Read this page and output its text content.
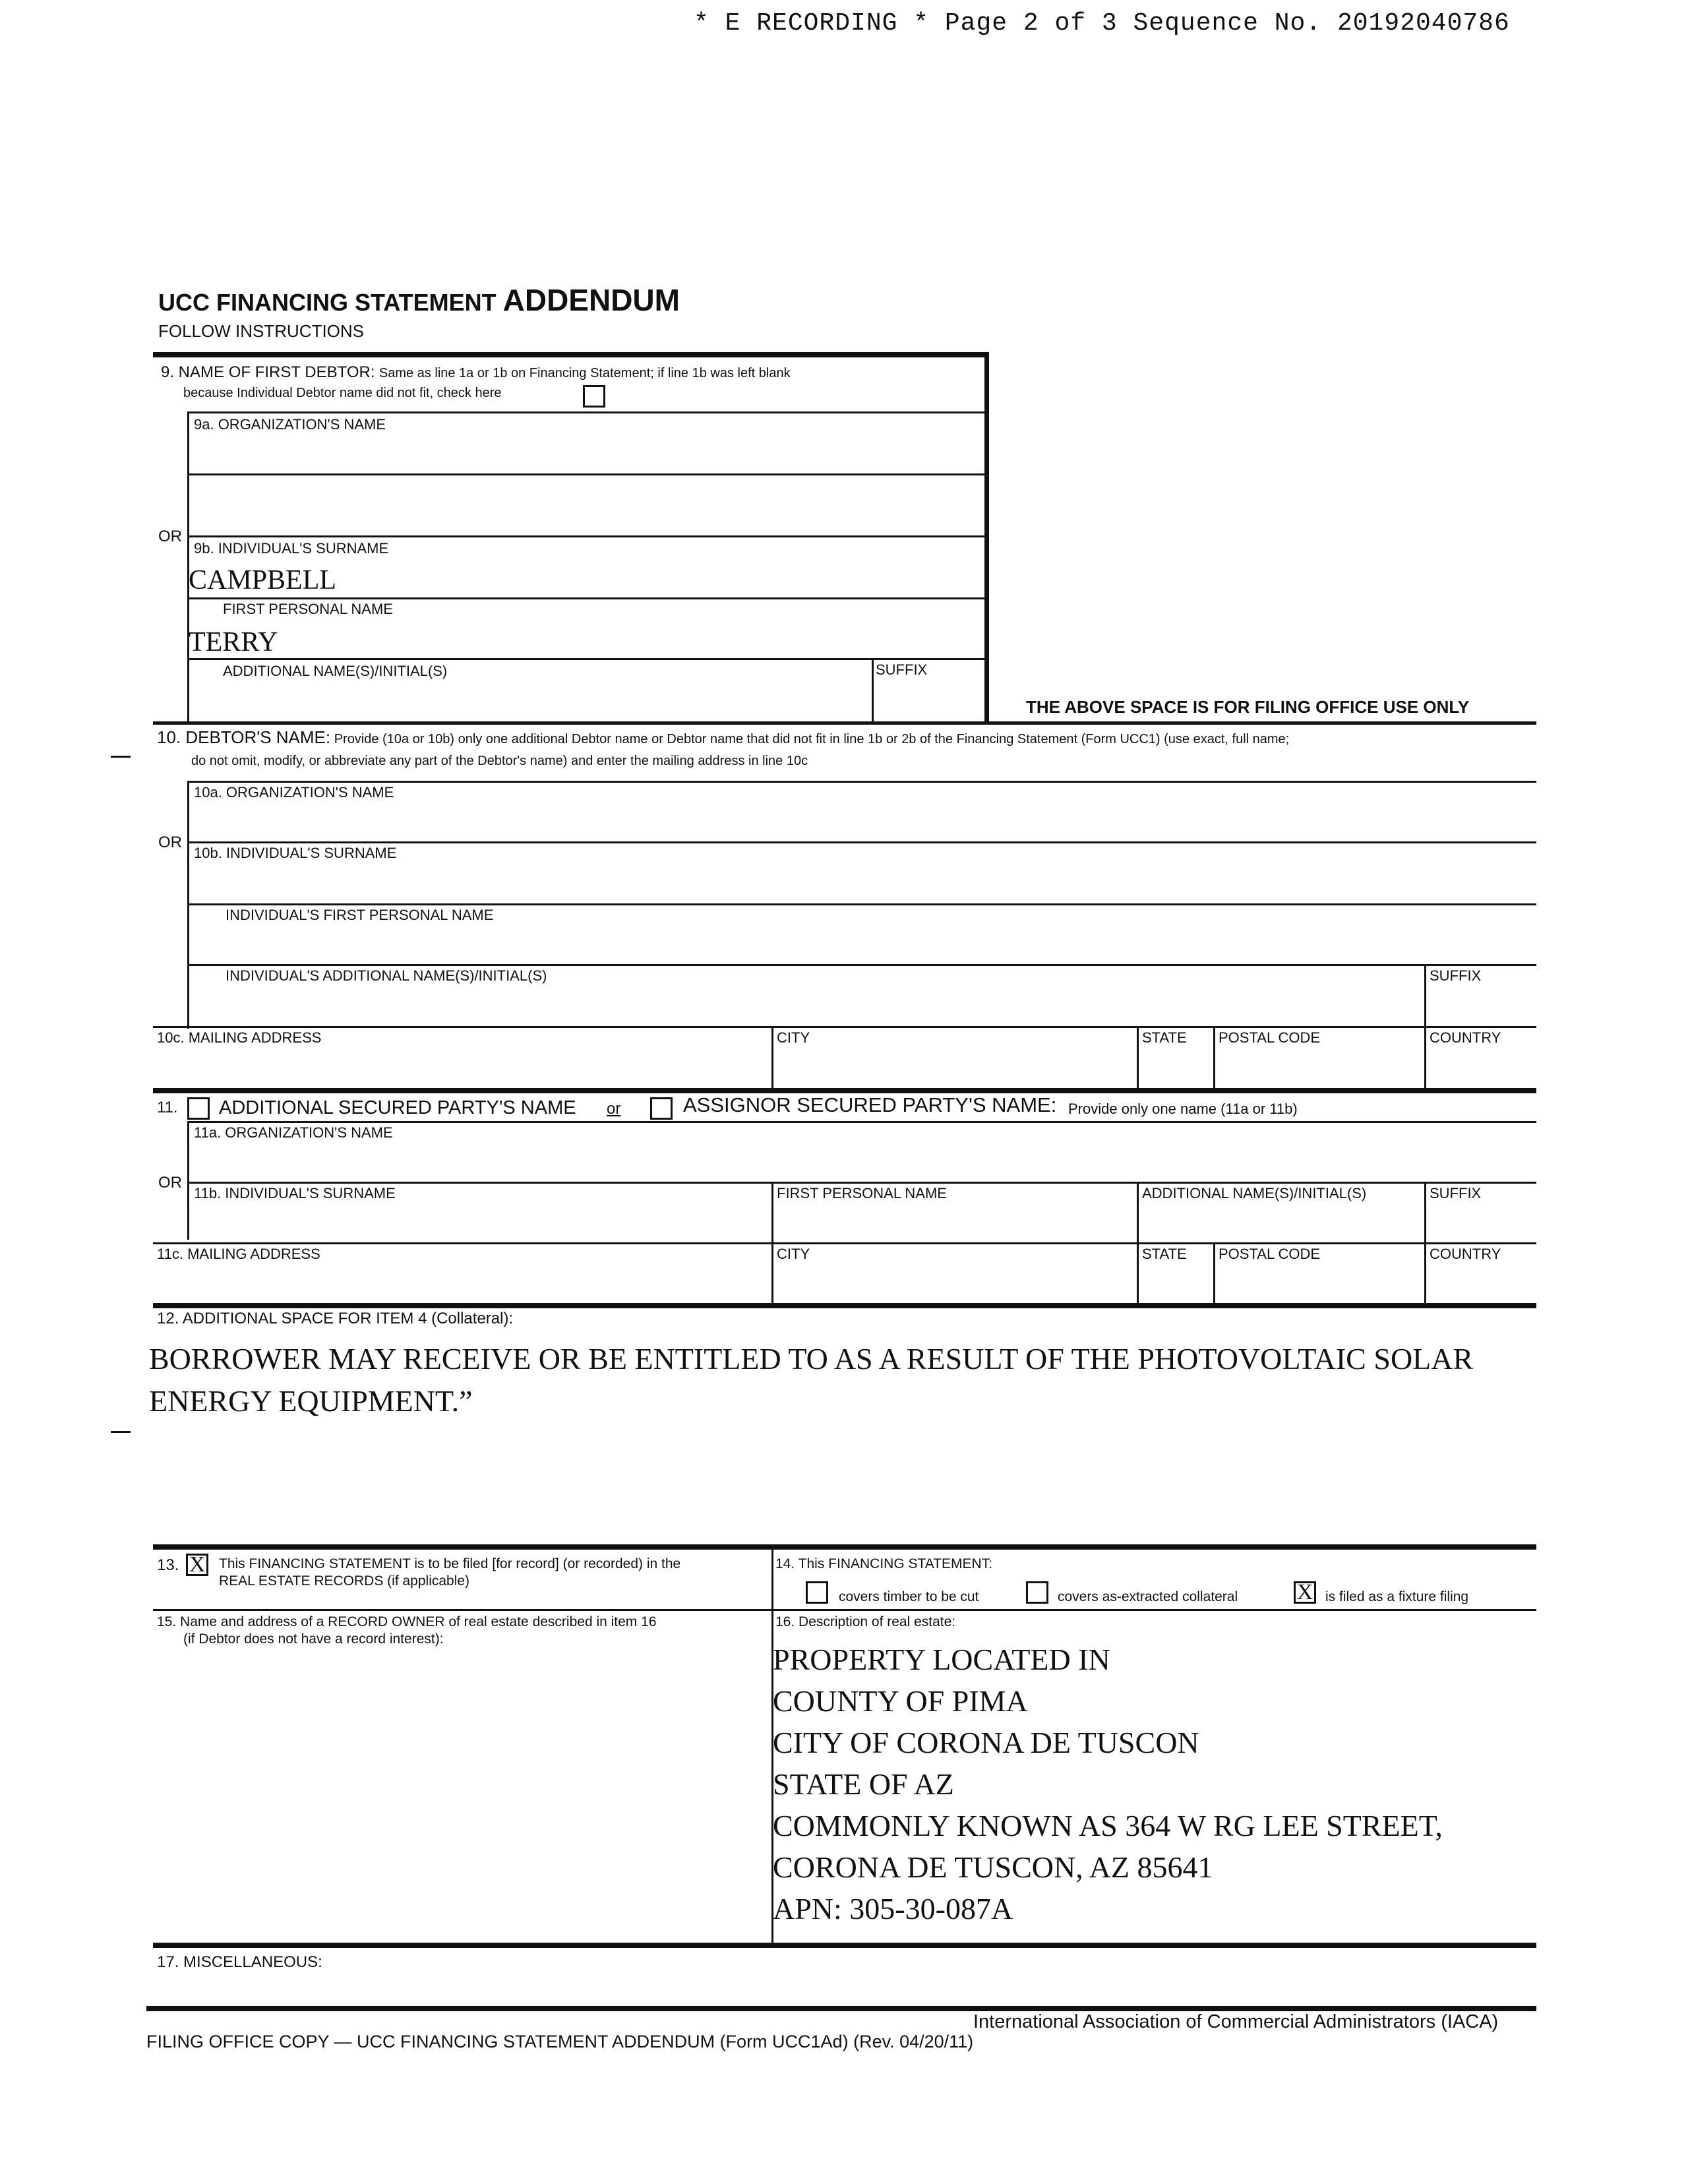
* E RECORDING * Page 2 of 3 Sequence No. 20192040786
UCC FINANCING STATEMENT ADDENDUM
FOLLOW INSTRUCTIONS
9. NAME OF FIRST DEBTOR: Same as line 1a or 1b on Financing Statement; if line 1b was left blank
because Individual Debtor name did not fit, check here
9a. ORGANIZATION'S NAME
OR
9b. INDIVIDUAL'S SURNAME
CAMPBELL
FIRST PERSONAL NAME
TERRY
ADDITIONAL NAME(S)/INITIAL(S)	SUFFIX
THE ABOVE SPACE IS FOR FILING OFFICE USE ONLY
10. DEBTOR'S NAME: Provide (10a or 10b) only one additional Debtor name or Debtor name that did not fit in line 1b or 2b of the Financing Statement (Form UCC1) (use exact, full name;
do not omit, modify, or abbreviate any part of the Debtor's name) and enter the mailing address in line 10c
10a. ORGANIZATION'S NAME
OR
10b. INDIVIDUAL'S SURNAME
INDIVIDUAL'S FIRST PERSONAL NAME
INDIVIDUAL'S ADDITIONAL NAME(S)/INITIAL(S)	SUFFIX
10c. MAILING ADDRESS	CITY	STATE POSTAL CODE	COUNTRY
11. ADDITIONAL SECURED PARTY'S NAME or	ASSIGNOR SECURED PARTY'S NAME: Provide only one name (11a or 11b)
11a. ORGANIZATION'S NAME
OR
11b. INDIVIDUAL'S SURNAME	FIRST PERSONAL NAME	ADDITIONAL NAME(S)/INITIAL(S)	SUFFIX
11c. MAILING ADDRESS	CITY	STATE POSTAL CODE	COUNTRY
12. ADDITIONAL SPACE FOR ITEM 4 (Collateral):
BORROWER MAY RECEIVE OR BE ENTITLED TO AS A RESULT OF THE PHOTOVOLTAIC SOLAR
ENERGY EQUIPMENT.”
13. X This FINANCING STATEMENT is to be filed [for record] (or recorded) in the
REAL ESTATE RECORDS (if applicable)
14. This FINANCING STATEMENT:
covers timber to be cut	covers as-extracted collateral	X is filed as a fixture filing
15. Name and address of a RECORD OWNER of real estate described in item 16
(if Debtor does not have a record interest):
16. Description of real estate:
PROPERTY LOCATED IN
COUNTY OF PIMA
CITY OF CORONA DE TUSCON
STATE OF AZ
COMMONLY KNOWN AS 364 W RG LEE STREET,
CORONA DE TUSCON, AZ 85641
APN: 305-30-087A
17. MISCELLANEOUS:
International Association of Commercial Administrators (IACA)
FILING OFFICE COPY — UCC FINANCING STATEMENT ADDENDUM (Form UCC1Ad) (Rev. 04/20/11)
